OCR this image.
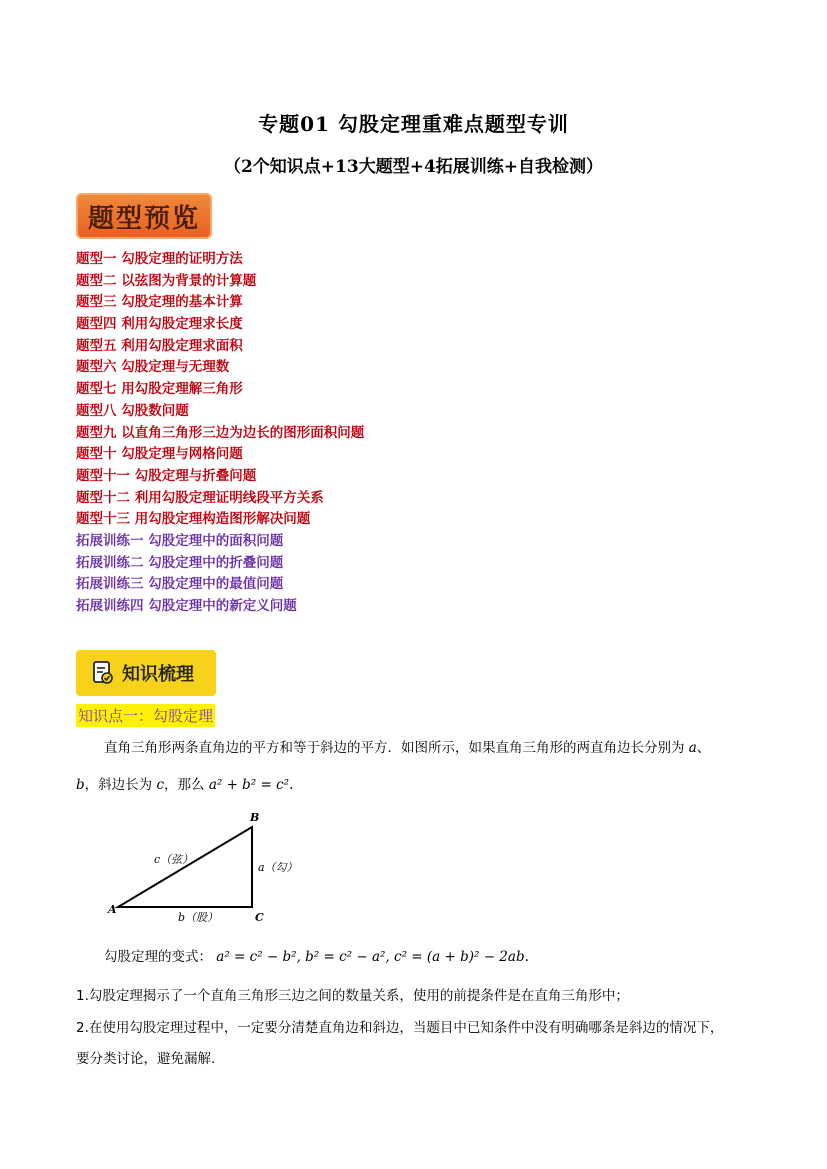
专题01 勾股定理重难点题型专训
（2个知识点+13大题型+4拓展训练+自我检测）
题型预览
题型一 勾股定理的证明方法
题型二 以弦图为背景的计算题
题型三 勾股定理的基本计算
题型四 利用勾股定理求长度
题型五 利用勾股定理求面积
题型六 勾股定理与无理数
题型七 用勾股定理解三角形
题型八 勾股数问题
题型九 以直角三角形三边为边长的图形面积问题
题型十 勾股定理与网格问题
题型十一 勾股定理与折叠问题
题型十二 利用勾股定理证明线段平方关系
题型十三 用勾股定理构造图形解决问题
拓展训练一 勾股定理中的面积问题
拓展训练二 勾股定理中的折叠问题
拓展训练三 勾股定理中的最值问题
拓展训练四 勾股定理中的新定义问题
知识梳理
知识点一：勾股定理
直角三角形两条直角边的平方和等于斜边的平方．如图所示，如果直角三角形的两直角边长分别为 a、
b，斜边长为 c，那么 a² + b² = c².
A
B
C
c（弦）
a（勾）
b（股）
勾股定理的变式： a² = c² − b², b² = c² − a², c² = (a + b)² − 2ab.
1.勾股定理揭示了一个直角三角形三边之间的数量关系，使用的前提条件是在直角三角形中；
2.在使用勾股定理过程中，一定要分清楚直角边和斜边，当题目中已知条件中没有明确哪条是斜边的情况下，
要分类讨论，避免漏解.
